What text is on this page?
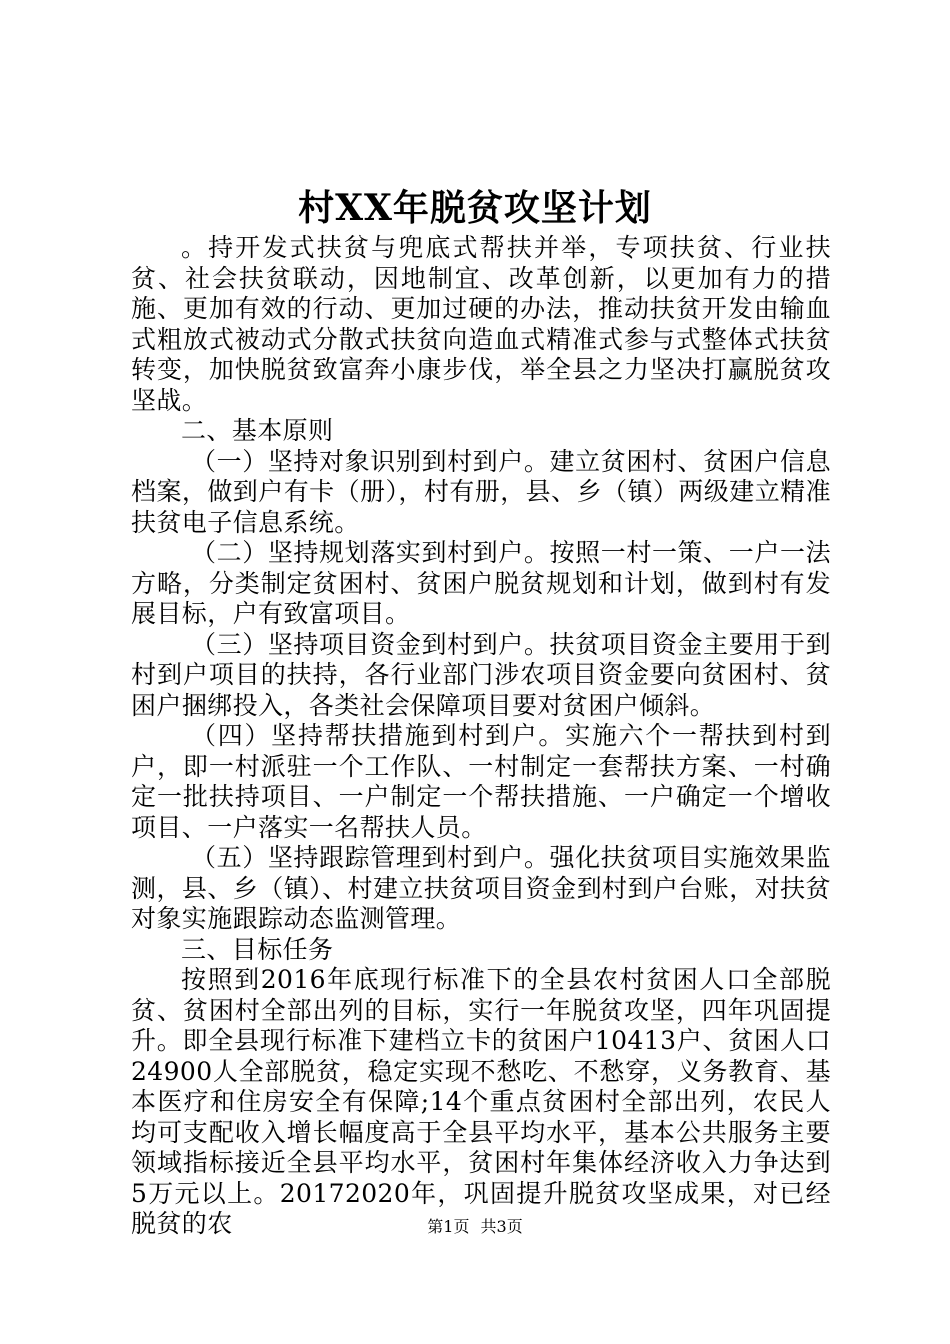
村XX年脱贫攻坚计划

。持开发式扶贫与兜底式帮扶并举，专项扶贫、行业扶贫、社会扶贫联动，因地制宜、改革创新，以更加有力的措施、更加有效的行动、更加过硬的办法，推动扶贫开发由输血式粗放式被动式分散式扶贫向造血式精准式参与式整体式扶贫转变，加快脱贫致富奔小康步伐，举全县之力坚决打赢脱贫攻坚战。

二、基本原则

（一）坚持对象识别到村到户。建立贫困村、贫困户信息档案，做到户有卡（册），村有册，县、乡（镇）两级建立精准扶贫电子信息系统。

（二）坚持规划落实到村到户。按照一村一策、一户一法方略，分类制定贫困村、贫困户脱贫规划和计划，做到村有发展目标，户有致富项目。

（三）坚持项目资金到村到户。扶贫项目资金主要用于到村到户项目的扶持，各行业部门涉农项目资金要向贫困村、贫困户捆绑投入，各类社会保障项目要对贫困户倾斜。

（四）坚持帮扶措施到村到户。实施六个一帮扶到村到户，即一村派驻一个工作队、一村制定一套帮扶方案、一村确定一批扶持项目、一户制定一个帮扶措施、一户确定一个增收项目、一户落实一名帮扶人员。

（五）坚持跟踪管理到村到户。强化扶贫项目实施效果监测，县、乡（镇）、村建立扶贫项目资金到村到户台账，对扶贫对象实施跟踪动态监测管理。

三、目标任务

按照到2016年底现行标准下的全县农村贫困人口全部脱贫、贫困村全部出列的目标，实行一年脱贫攻坚，四年巩固提升。即全县现行标准下建档立卡的贫困户10413户、贫困人口24900人全部脱贫，稳定实现不愁吃、不愁穿，义务教育、基本医疗和住房安全有保障;14个重点贫困村全部出列，农民人均可支配收入增长幅度高于全县平均水平，基本公共服务主要领域指标接近全县平均水平，贫困村年集体经济收入力争达到5万元以上。20172020年，巩固提升脱贫攻坚成果，对已经脱贫的农	第1页 共3页
